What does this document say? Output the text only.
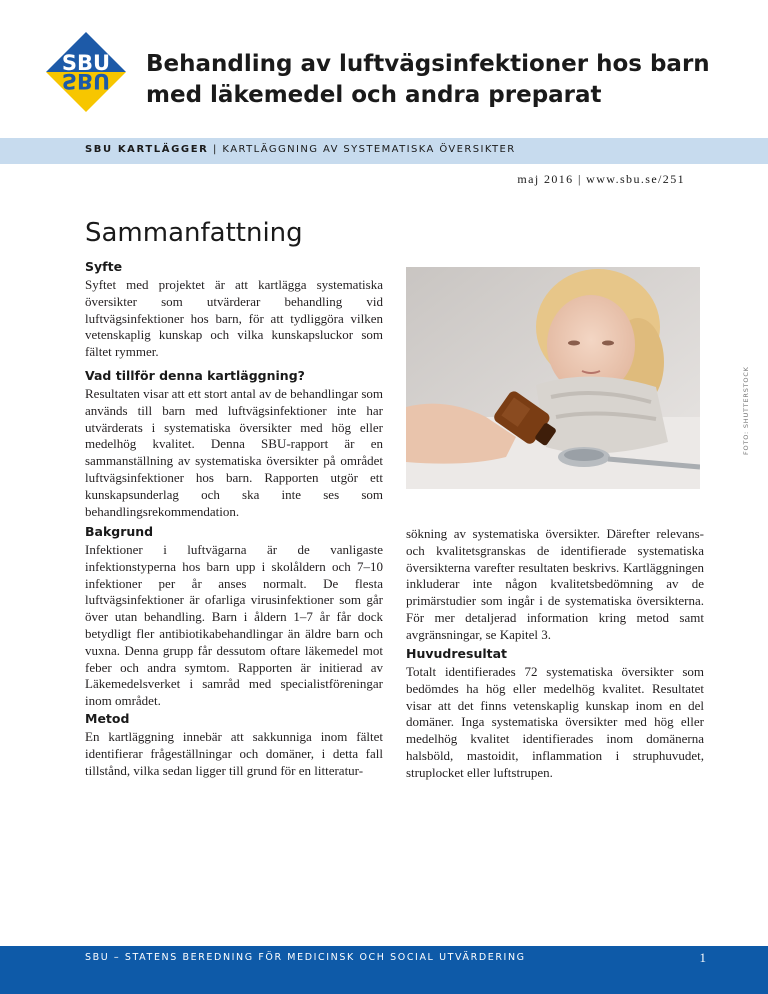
SBU
SBU
Behandling av luftvägsinfektioner hos barn
med läkemedel och andra preparat
SBU KARTLÄGGER | KARTLÄGGNING AV SYSTEMATISKA ÖVERSIKTER
maj 2016 | www.sbu.se/251
Sammanfattning
Syfte

Syftet med projektet är att kartlägga systematiska översikter som utvärderar behandling vid luftvägsinfektioner hos barn, för att tydliggöra vilken vetenskaplig kunskap och vilka kunskapsluckor som fältet rymmer.

Vad tillför denna kartläggning?

Resultaten visar att ett stort antal av de behandlingar som används till barn med luftvägsinfektioner inte har utvärderats i systematiska översikter med hög eller medelhög kvalitet. Denna SBU-rapport är en sammanställning av systematiska översikter på området luftvägsinfektioner hos barn. Rapporten utgör ett kunskapsunderlag och ska inte ses som behandlingsrekommendation.

Bakgrund

Infektioner i luftvägarna är de vanligaste infektionstyperna hos barn upp i skolåldern och 7–10 infektioner per år anses normalt. De flesta luftvägsinfektioner är ofarliga virusinfektioner som går över utan behandling. Barn i åldern 1–7 år får dock betydligt fler antibiotikabehandlingar än äldre barn och vuxna. Denna grupp får dessutom oftare läkemedel mot feber och andra symtom. Rapporten är initierad av Läkemedelsverket i samråd med specialistföreningar inom området.

Metod

En kartläggning innebär att sakkunniga inom fältet identifierar frågeställningar och domäner, i detta fall tillstånd, vilka sedan ligger till grund för en litteratur-

FOTO: SHUTTERSTOCK

sökning av systematiska översikter. Därefter relevans- och kvalitetsgranskas de identifierade systematiska översikterna varefter resultaten beskrivs. Kartläggningen inkluderar inte någon kvalitetsbedömning av de primärstudier som ingår i de systematiska översikterna. För mer detaljerad information kring metod samt avgränsningar, se Kapitel 3.

Huvudresultat

Totalt identifierades 72 systematiska översikter som bedömdes ha hög eller medelhög kvalitet. Resultatet visar att det finns vetenskaplig kunskap inom en del domäner. Inga systematiska översikter med hög eller medelhög kvalitet identifierades inom domänerna halsböld, mastoidit, inflammation i struphuvudet, struplocket eller luftstrupen.

SBU – STATENS BEREDNING FÖR MEDICINSK OCH SOCIAL UTVÄRDERING	1
